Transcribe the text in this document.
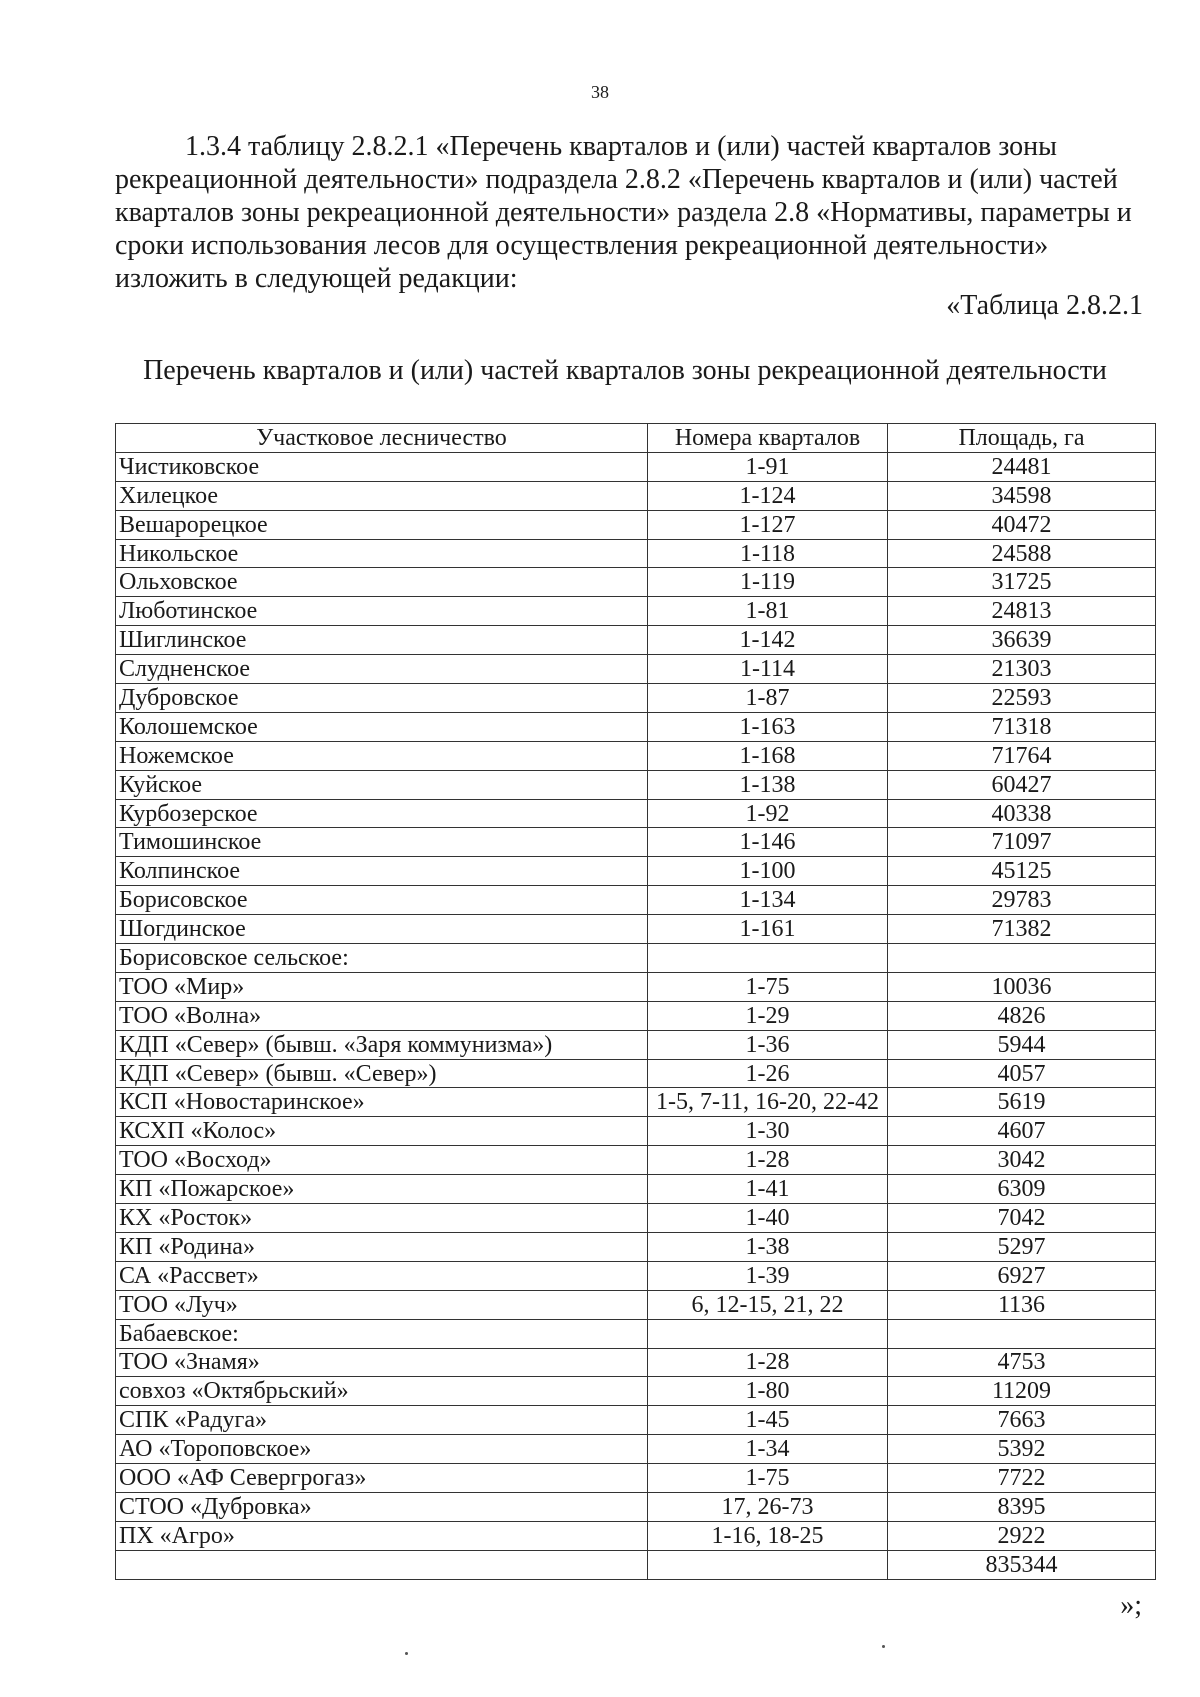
38

1.3.4 таблицу 2.8.2.1 «Перечень кварталов и (или) частей кварталов зоны
рекреационной деятельности» подраздела 2.8.2 «Перечень кварталов и (или) частей
кварталов зоны рекреационной деятельности» раздела 2.8 «Нормативы, параметры и
сроки использования лесов для осуществления рекреационной деятельности»
изложить в следующей редакции:

«Таблица 2.8.2.1
Перечень кварталов и (или) частей кварталов зоны рекреационной деятельности
Участковое лесничество	Номера кварталов	Площадь, га
Чистиковское	1-91	24481
Хилецкое	1-124	34598
Вешарорецкое	1-127	40472
Никольское	1-118	24588
Ольховское	1-119	31725
Люботинское	1-81	24813
Шиглинское	1-142	36639
Слудненское	1-114	21303
Дубровское	1-87	22593
Колошемское	1-163	71318
Ножемское	1-168	71764
Куйское	1-138	60427
Курбозерское	1-92	40338
Тимошинское	1-146	71097
Колпинское	1-100	45125
Борисовское	1-134	29783
Шогдинское	1-161	71382
Борисовское сельское:		
ТОО «Мир»	1-75	10036
ТОО «Волна»	1-29	4826
КДП «Север» (бывш. «Заря коммунизма»)	1-36	5944
КДП «Север» (бывш. «Север»)	1-26	4057
КСП «Новостаринское»	1-5, 7-11, 16-20, 22-42	5619
КСХП «Колос»	1-30	4607
ТОО «Восход»	1-28	3042
КП «Пожарское»	1-41	6309
КХ «Росток»	1-40	7042
КП «Родина»	1-38	5297
СА «Рассвет»	1-39	6927
ТОО «Луч»	6, 12-15, 21, 22	1136
Бабаевское:		
ТОО «Знамя»	1-28	4753
совхоз «Октябрьский»	1-80	11209
СПК «Радуга»	1-45	7663
АО «Тороповское»	1-34	5392
ООО «АФ Севергрогаз»	1-75	7722
СТОО «Дубровка»	17, 26-73	8395
ПХ «Агро»	1-16, 18-25	2922
		835344
»;
